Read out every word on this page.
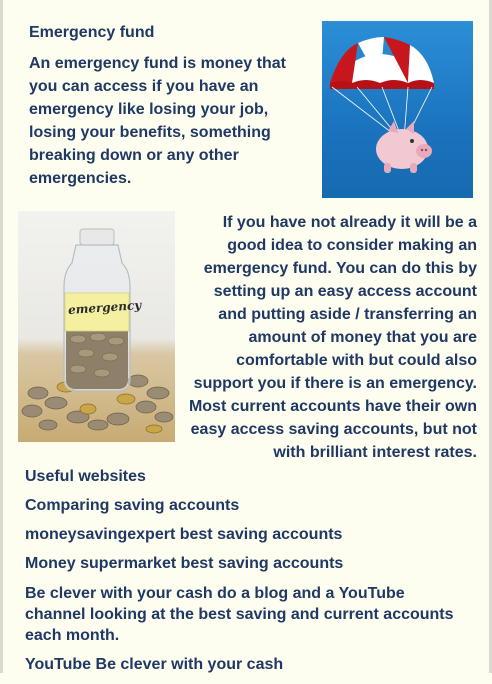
Emergency fund
An emergency fund is money that you can access if you have an emergency like losing your job, losing your benefits, something breaking down or any other emergencies.
emergency
If you have not already it will be a good idea to consider making an emergency fund. You can do this by setting up an easy access account and putting aside / transferring an amount of money that you are comfortable with but could also support you if there is an emergency. Most current accounts have their own easy access saving accounts, but not with brilliant interest rates.
Useful websites
Comparing saving accounts
moneysavingexpert best saving accounts
Money supermarket best saving accounts
Be clever with your cash do a blog and a YouTube channel looking at the best saving and current accounts each month.
YouTube Be clever with your cash
